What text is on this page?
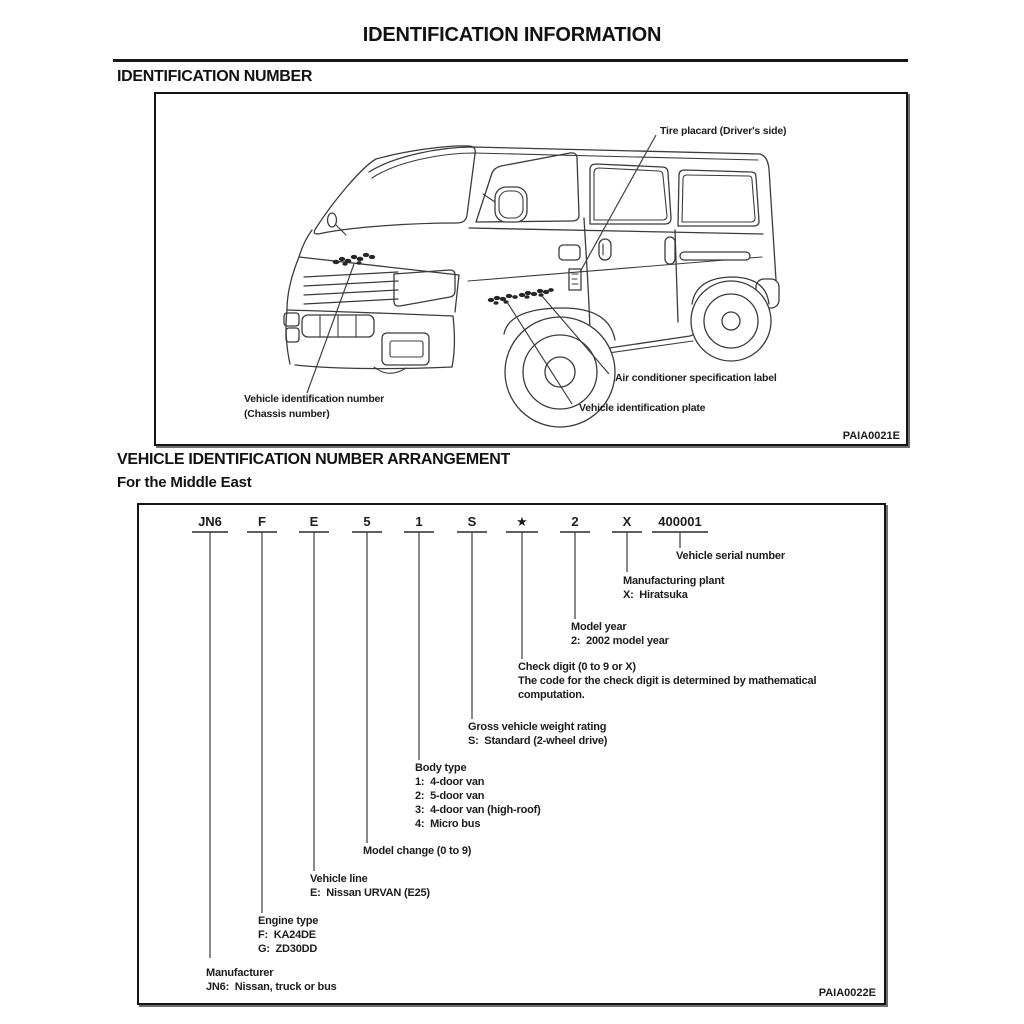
IDENTIFICATION INFORMATION
IDENTIFICATION NUMBER
Tire placard (Driver's side)
Vehicle identification number
(Chassis number)
Air conditioner specification label
Vehicle identification plate
PAIA0021E
VEHICLE IDENTIFICATION NUMBER ARRANGEMENT
For the Middle East
JN6	F	E	5	1	S	★	2	X 400001
Vehicle serial number
Manufacturing plant
X:  Hiratsuka
Model year
2:  2002 model year
Check digit (0 to 9 or X)
The code for the check digit is determined by mathematical
computation.
Gross vehicle weight rating
S:  Standard (2-wheel drive)
Body type
1:  4-door van
2:  5-door van
3:  4-door van (high-roof)
4:  Micro bus
Model change (0 to 9)
Vehicle line
E:  Nissan URVAN (E25)
Engine type
F:  KA24DE
G:  ZD30DD
Manufacturer
JN6:  Nissan, truck or bus	PAIA0022E
